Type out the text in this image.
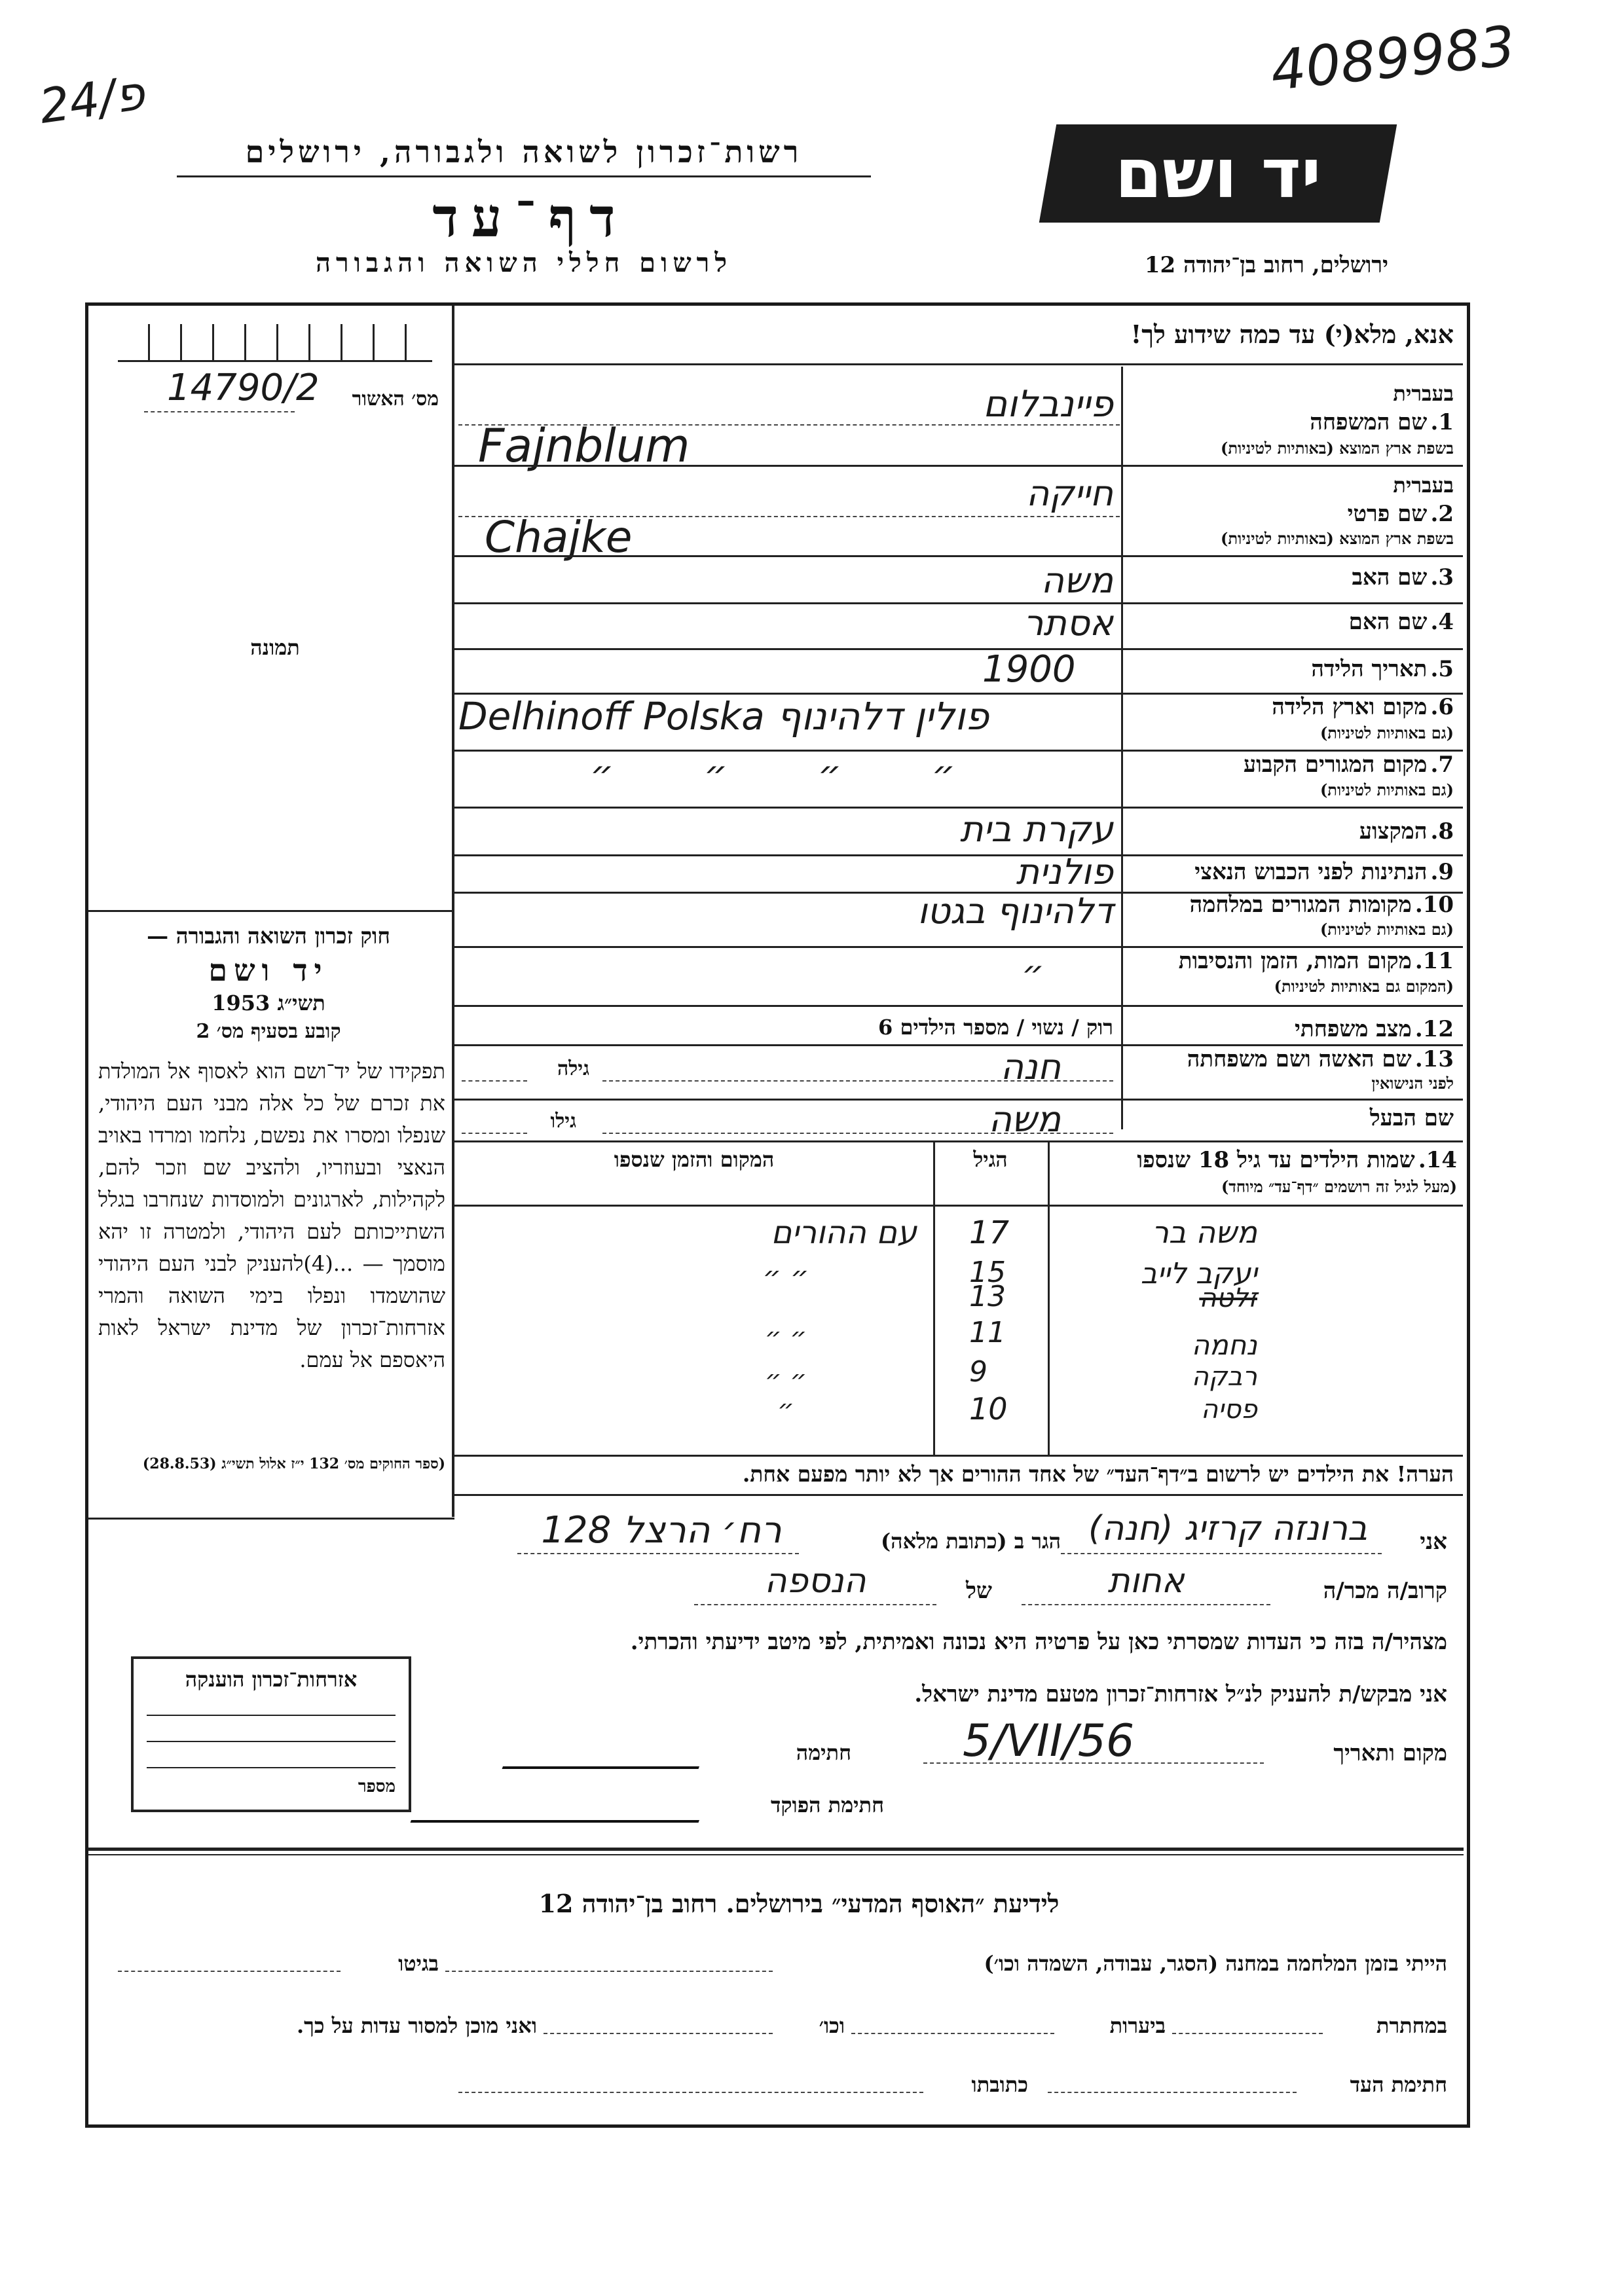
24/פ	4089983
רשות־זכרון לשואה ולגבורה, ירושלים
דף־עד
לרשום חללי השואה והגבורה
יד ושם
ירושלים, רחוב בן־יהודה 12
אנא, מלא(י) עד כמה שידוע לך!
מס׳ האשור
14790/2
תמונה
בעברית
1. שם המשפחה
בשפת ארץ המוצא (באותיות לטיניות)
פיינבלום
Fajnblum
בעברית
2. שם פרטי
בשפת ארץ המוצא (באותיות לטיניות)
חייקה
Chajke
3. שם האב
משה
4. שם האם
אסתר
5. תאריך הלידה
1900
6. מקום וארץ הלידה
(גם באותיות לטיניות)
Delhinoff Polska פולין דלהינוף
7. מקום המגורים הקבוע
(גם באותיות לטיניות)
״ ״ ״ ״
8. המקצוע
עקרת בית
9. הנתינות לפני הכבוש הנאצי
פולנית
10. מקומות המגורים במלחמה
(גם באותיות לטיניות)
דלהינוף בגטו
11. מקום המות, הזמן והנסיבות
(המקום גם באותיות לטיניות)
״
12. מצב משפחתי
רוק / נשוי / מספר הילדים 6
13. שם האשה ושם משפחתה
לפני הנישואין
חנה
גילה
שם הבעל
משה
גילו
14. שמות הילדים עד גיל 18 שנספו
(מעל לגיל זה רושמים ״דף־עד״ מיוחד)
הגיל
המקום והזמן שנספו
משה בר
17
עם ההורים
יעקב לייב
15
״ ״
זלטה
13
נחמה
11
״ ״
רבקה
9
״ ״
פסיה
10
״
חוק זכרון השואה והגבורה —
יד ושם
תשי״ג 1953
קובע בסעיף מס׳ 2
תפקידו של יד־ושם הוא לאסוף אל המולדת את זכרם של כל אלה מבני העם היהודי, שנפלו ומסרו את נפשם, נלחמו ומרדו באויב הנאצי ובעוזריו, ולהציב שם וזכר להם, לקהילות, לארגונים ולמוסדות שנחרבו בגלל השתייכותם לעם היהודי, ולמטרה זו יהא מוסמך — ...(4)להעניק לבני העם היהודי שהושמדו ונפלו בימי השואה והמרי אזרחות־זכרון של מדינת ישראל לאות היאספם אל עמם.
(ספר החוקים מס׳ 132 י״ז אלול תשי״ג (28.8.53)	הערה! את הילדים יש לרשום ב״דף־העד״ של אחד ההורים אך לא יותר מפעם אחת.
אני
ברונזה קרזיג (חנה)
הגר ב (כתובת מלאה)
רח׳ הרצל 128
קרוב/ה מכר/ה
אחות
של
הנספה
מצהיר/ה בזה כי העדות שמסרתי כאן על פרטיה היא נכונה ואמיתית, לפי מיטב ידיעתי והכרתי.
אני מבקש/ת להעניק לנ״ל אזרחות־זכרון מטעם מדינת ישראל.
מקום ותאריך
5/VII/56
חתימה
חתימת הפוקד
אזרחות־זכרון הוענקה
מספר
לידיעת ״האוסף המדעי״ בירושלים. רחוב בן־יהודה 12
הייתי בזמן המלחמה במחנה (הסגר, עבודה, השמדה וכו׳)
בגיטו
במחתרת
ביערות
וכו׳
ואני מוכן למסור עדות על כך.
חתימת העד
כתובתו
